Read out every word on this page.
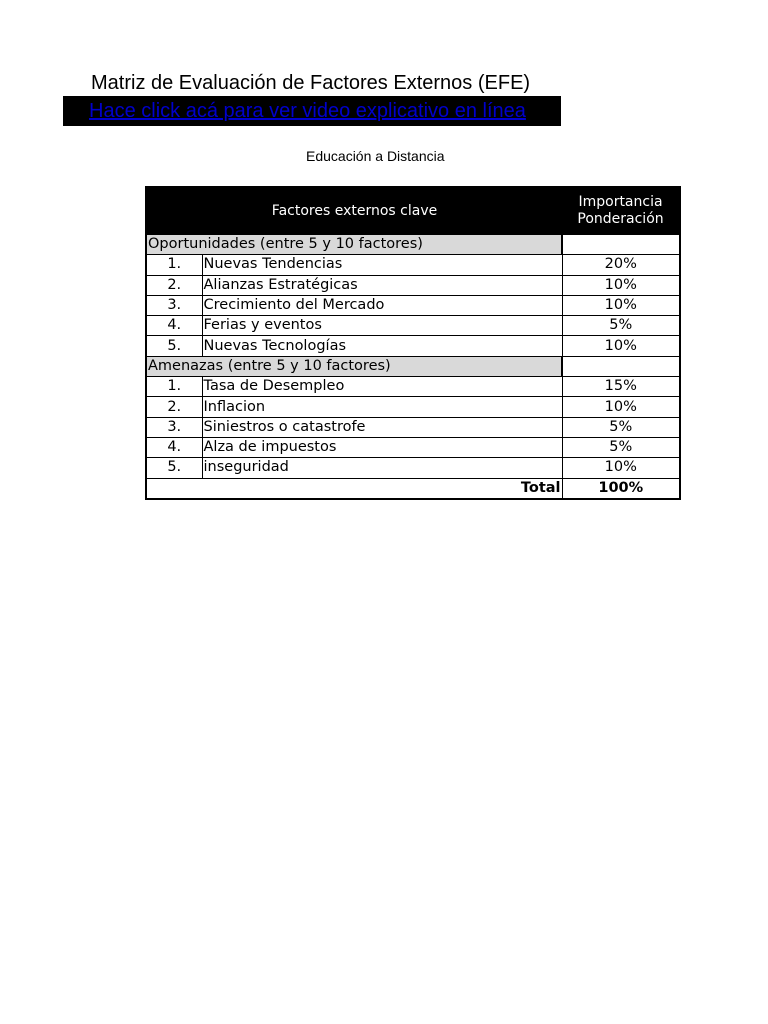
Matriz de Evaluación de Factores Externos (EFE)
Hace click acá para ver video explicativo en línea
Educación a Distancia
Factores externos clave		Importancia
Ponderación
Oportunidades (entre 5 y 10 factores)		
1.	Nuevas Tendencias	20%
2.	Alianzas Estratégicas	10%
3.	Crecimiento del Mercado	10%
4.	Ferias y eventos	5%
5.	Nuevas Tecnologías	10%
Amenazas (entre 5 y 10 factores)		
1.	Tasa de Desempleo	15%
2.	Inflacion	10%
3.	Siniestros o catastrofe	5%
4.	Alza de impuestos	5%
5.	inseguridad	10%
Total		100%
